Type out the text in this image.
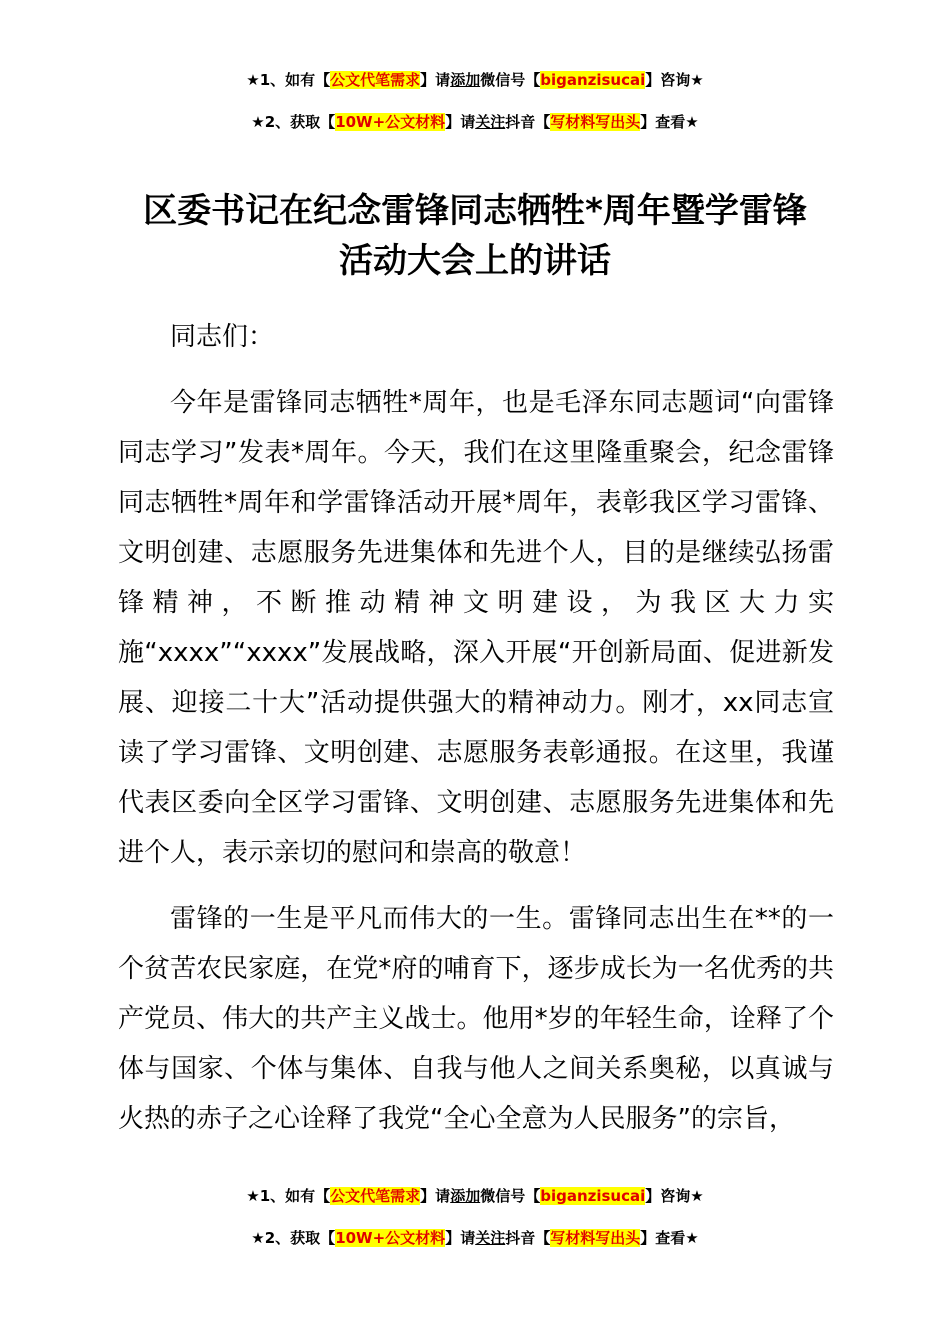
★1、如有【公文代笔需求】请添加微信号【biganzisucai】咨询★
★2、获取【10W+公文材料】请关注抖音【写材料写出头】查看★
区委书记在纪念雷锋同志牺牲*周年暨学雷锋
活动大会上的讲话

同志们：

今年是雷锋同志牺牲*周年，也是毛泽东同志题词“向雷锋同志学习”发表*周年。今天，我们在这里隆重聚会，纪念雷锋同志牺牲*周年和学雷锋活动开展*周年，表彰我区学习雷锋、文明创建、志愿服务先进集体和先进个人，目的是继续弘扬雷锋精神，不断推动精神文明建设，为我区大力实施“xxxx”“xxxx”发展战略，深入开展“开创新局面、促进新发展、迎接二十大”活动提供强大的精神动力。刚才，xx同志宣读了学习雷锋、文明创建、志愿服务表彰通报。在这里，我谨代表区委向全区学习雷锋、文明创建、志愿服务先进集体和先进个人，表示亲切的慰问和崇高的敬意！

雷锋的一生是平凡而伟大的一生。雷锋同志出生在**的一个贫苦农民家庭，在党*府的哺育下，逐步成长为一名优秀的共产党员、伟大的共产主义战士。他用*岁的年轻生命，诠释了个体与国家、个体与集体、自我与他人之间关系奥秘，以真诚与火热的赤子之心诠释了我党“全心全意为人民服务”的宗旨，

★1、如有【公文代笔需求】请添加微信号【biganzisucai】咨询★
★2、获取【10W+公文材料】请关注抖音【写材料写出头】查看★
